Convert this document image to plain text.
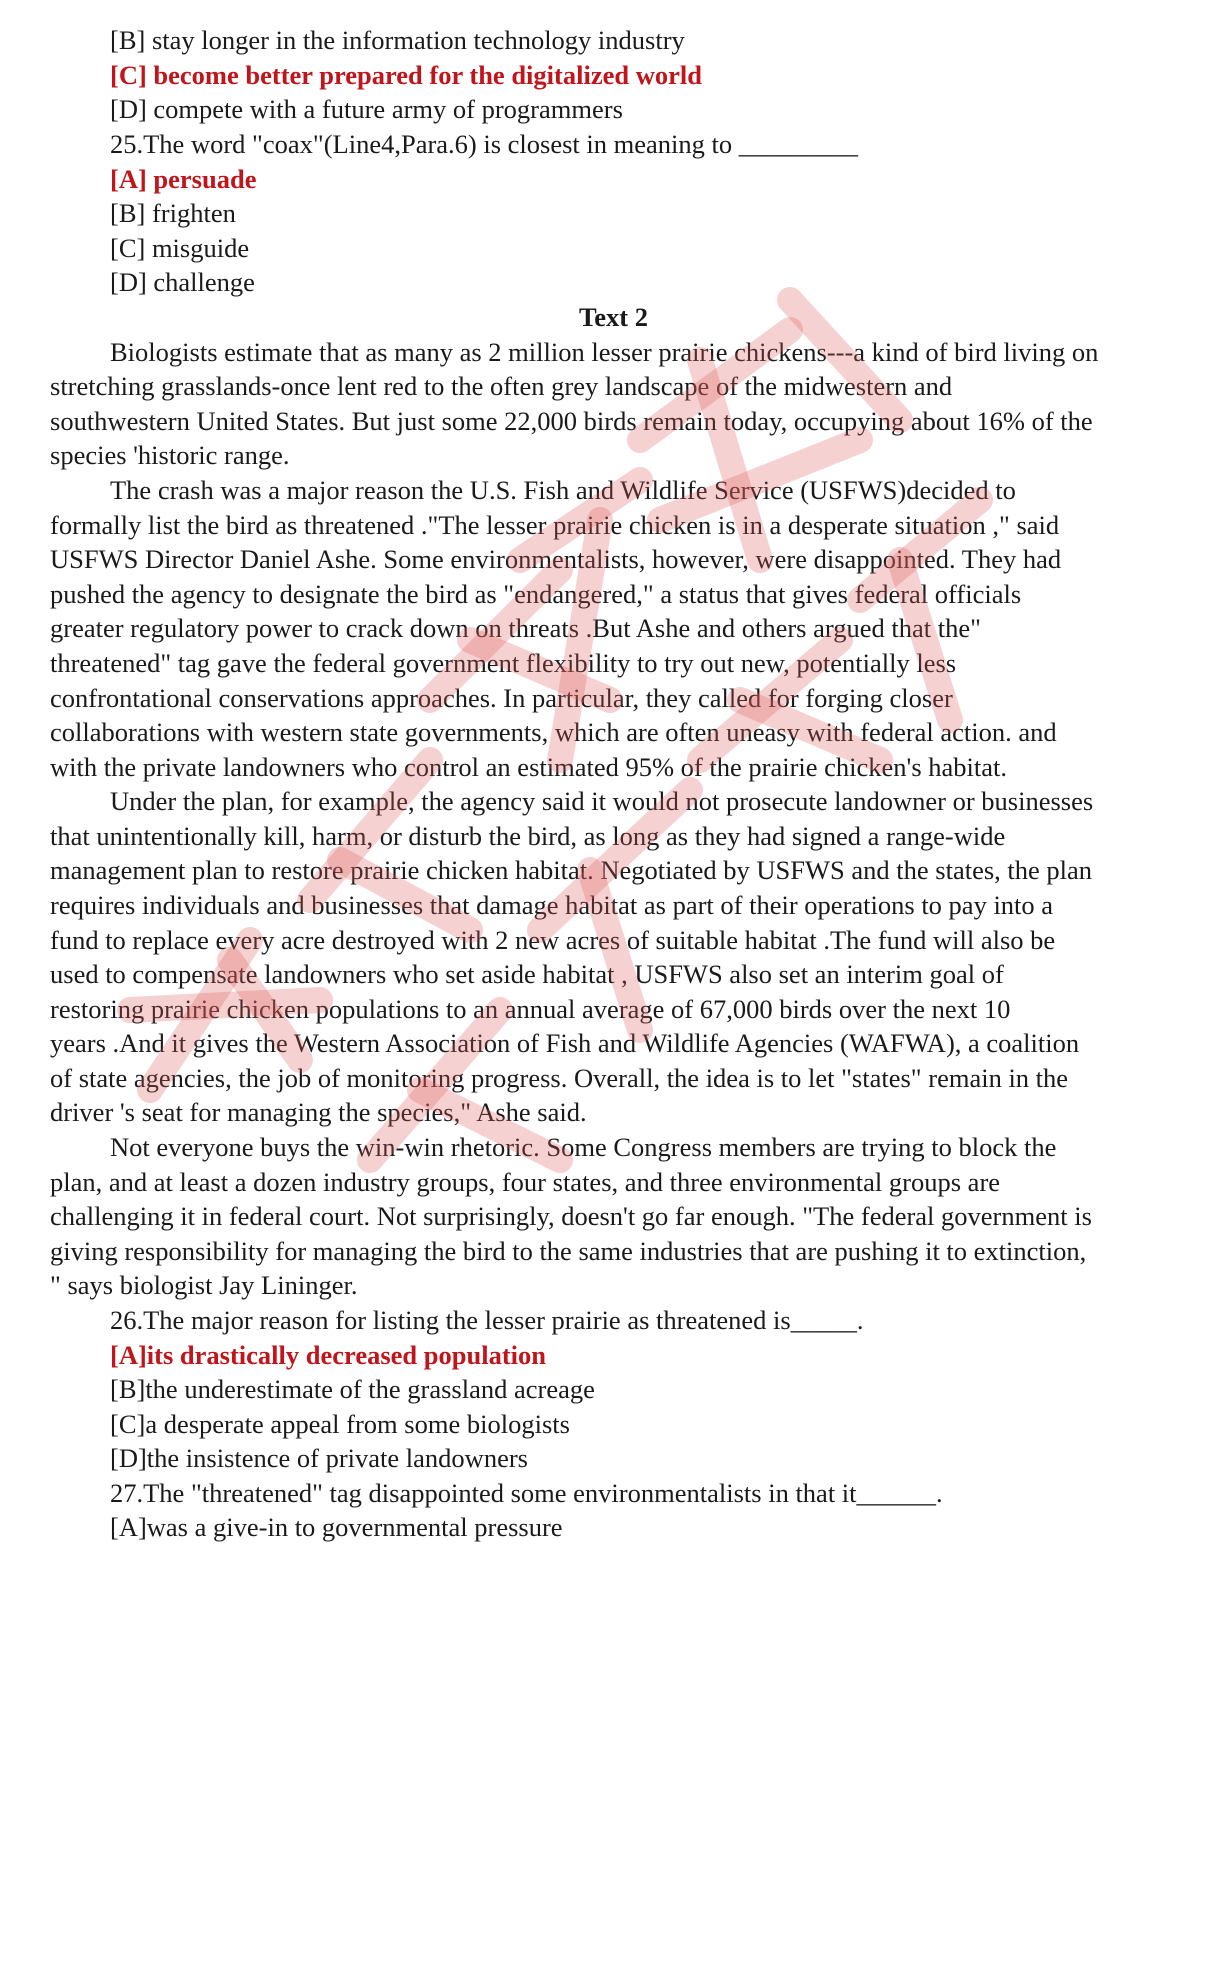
[B] stay longer in the information technology industry
[C] become better prepared for the digitalized world
[D] compete with a future army of programmers
25.The word "coax"(Line4,Para.6) is closest in meaning to _________
[A] persuade
[B] frighten
[C] misguide
[D] challenge
Text 2
Biologists estimate that as many as 2 million lesser prairie chickens---a kind of bird living on
stretching grasslands-once lent red to the often grey landscape of the midwestern and
southwestern United States. But just some 22,000 birds remain today, occupying about 16% of the
species 'historic range.
The crash was a major reason the U.S. Fish and Wildlife Service (USFWS)decided to
formally list the bird as threatened ."The lesser prairie chicken is in a desperate situation ," said
USFWS Director Daniel Ashe. Some environmentalists, however, were disappointed. They had
pushed the agency to designate the bird as "endangered," a status that gives federal officials
greater regulatory power to crack down on threats .But Ashe and others argued that the"
threatened" tag gave the federal government flexibility to try out new, potentially less
confrontational conservations approaches. In particular, they called for forging closer
collaborations with western state governments, which are often uneasy with federal action. and
with the private landowners who control an estimated 95% of the prairie chicken's habitat.
Under the plan, for example, the agency said it would not prosecute landowner or businesses
that unintentionally kill, harm, or disturb the bird, as long as they had signed a range-wide
management plan to restore prairie chicken habitat. Negotiated by USFWS and the states, the plan
requires individuals and businesses that damage habitat as part of their operations to pay into a
fund to replace every acre destroyed with 2 new acres of suitable habitat .The fund will also be
used to compensate landowners who set aside habitat , USFWS also set an interim goal of
restoring prairie chicken populations to an annual average of 67,000 birds over the next 10
years .And it gives the Western Association of Fish and Wildlife Agencies (WAFWA), a coalition
of state agencies, the job of monitoring progress. Overall, the idea is to let "states" remain in the
driver 's seat for managing the species," Ashe said.
Not everyone buys the win-win rhetoric. Some Congress members are trying to block the
plan, and at least a dozen industry groups, four states, and three environmental groups are
challenging it in federal court. Not surprisingly, doesn't go far enough. "The federal government is
giving responsibility for managing the bird to the same industries that are pushing it to extinction,
" says biologist Jay Lininger.
26.The major reason for listing the lesser prairie as threatened is_____.
[A]its drastically decreased population
[B]the underestimate of the grassland acreage
[C]a desperate appeal from some biologists
[D]the insistence of private landowners
27.The "threatened" tag disappointed some environmentalists in that it______.
[A]was a give-in to governmental pressure
